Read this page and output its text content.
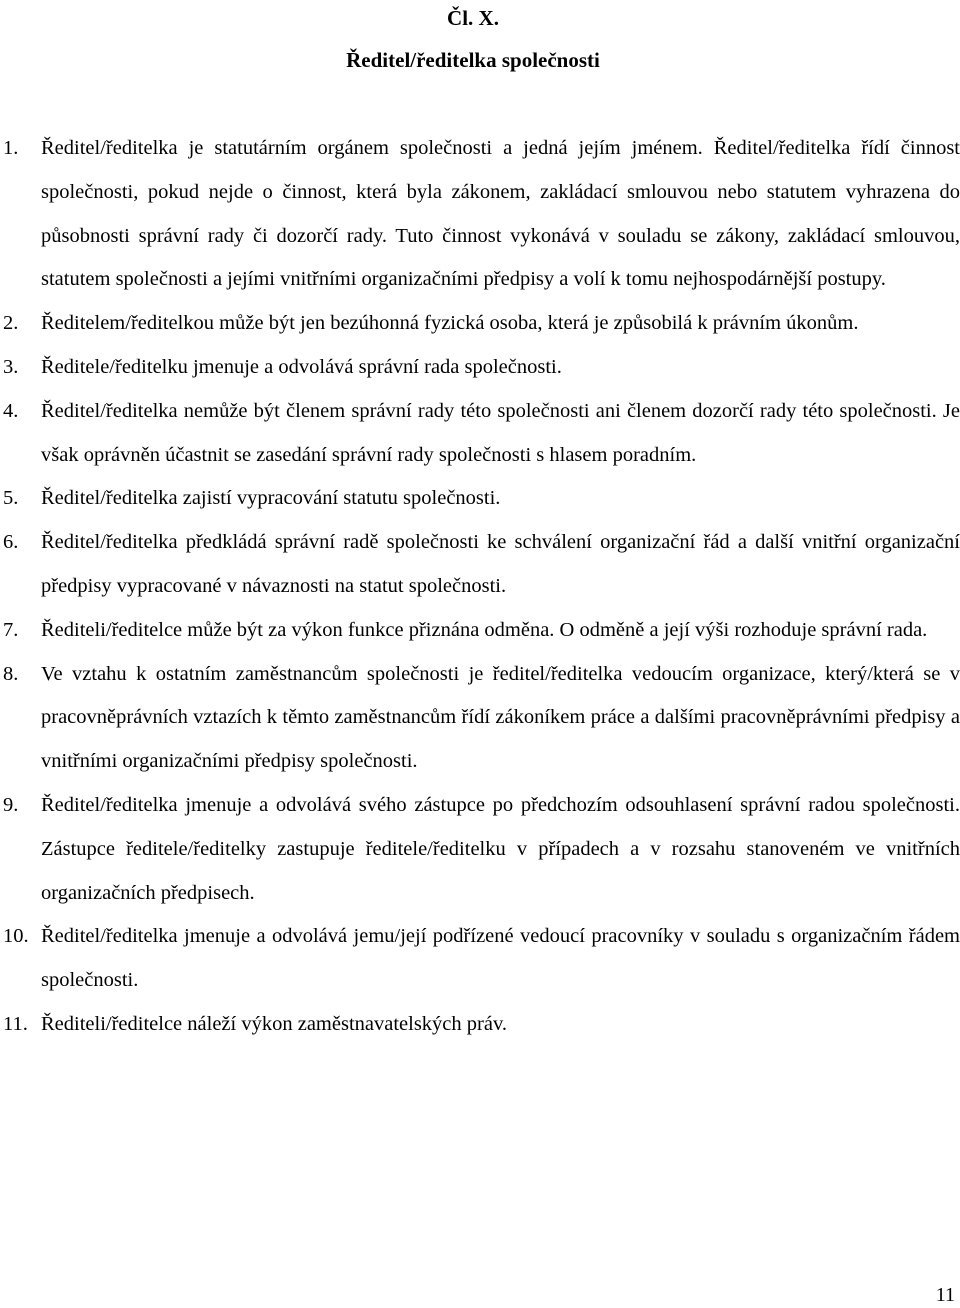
Čl. X.
Ředitel/ředitelka společnosti
1. Ředitel/ředitelka je statutárním orgánem společnosti a jedná jejím jménem. Ředitel/ředitelka řídí činnost společnosti, pokud nejde o činnost, která byla zákonem, zakládací smlouvou nebo statutem vyhrazena do působnosti správní rady či dozorčí rady. Tuto činnost vykonává v souladu se zákony, zakládací smlouvou, statutem společnosti a jejími vnitřními organizačními předpisy a volí k tomu nejhospodárnější postupy.
2. Ředitelem/ředitelkou může být jen bezúhonná fyzická osoba, která je způsobilá k právním úkonům.
3. Ředitele/ředitelku jmenuje a odvolává správní rada společnosti.
4. Ředitel/ředitelka nemůže být členem správní rady této společnosti ani členem dozorčí rady této společnosti. Je však oprávněn účastnit se zasedání správní rady společnosti s hlasem poradním.
5. Ředitel/ředitelka zajistí vypracování statutu společnosti.
6. Ředitel/ředitelka předkládá správní radě společnosti ke schválení organizační řád a další vnitřní organizační předpisy vypracované v návaznosti na statut společnosti.
7. Řediteli/ředitelce může být za výkon funkce přiznána odměna. O odměně a její výši rozhoduje správní rada.
8. Ve vztahu k ostatním zaměstnancům společnosti je ředitel/ředitelka vedoucím organizace, který/která se v pracovněprávních vztazích k těmto zaměstnancům řídí zákoníkem práce a dalšími pracovněprávními předpisy a vnitřními organizačními předpisy společnosti.
9. Ředitel/ředitelka jmenuje a odvolává svého zástupce po předchozím odsouhlasení správní radou společnosti. Zástupce ředitele/ředitelky zastupuje ředitele/ředitelku v případech a v rozsahu stanoveném ve vnitřních organizačních předpisech.
10. Ředitel/ředitelka jmenuje a odvolává jemu/její podřízené vedoucí pracovníky v souladu s organizačním řádem společnosti.
11. Řediteli/ředitelce náleží výkon zaměstnavatelských práv.
11
